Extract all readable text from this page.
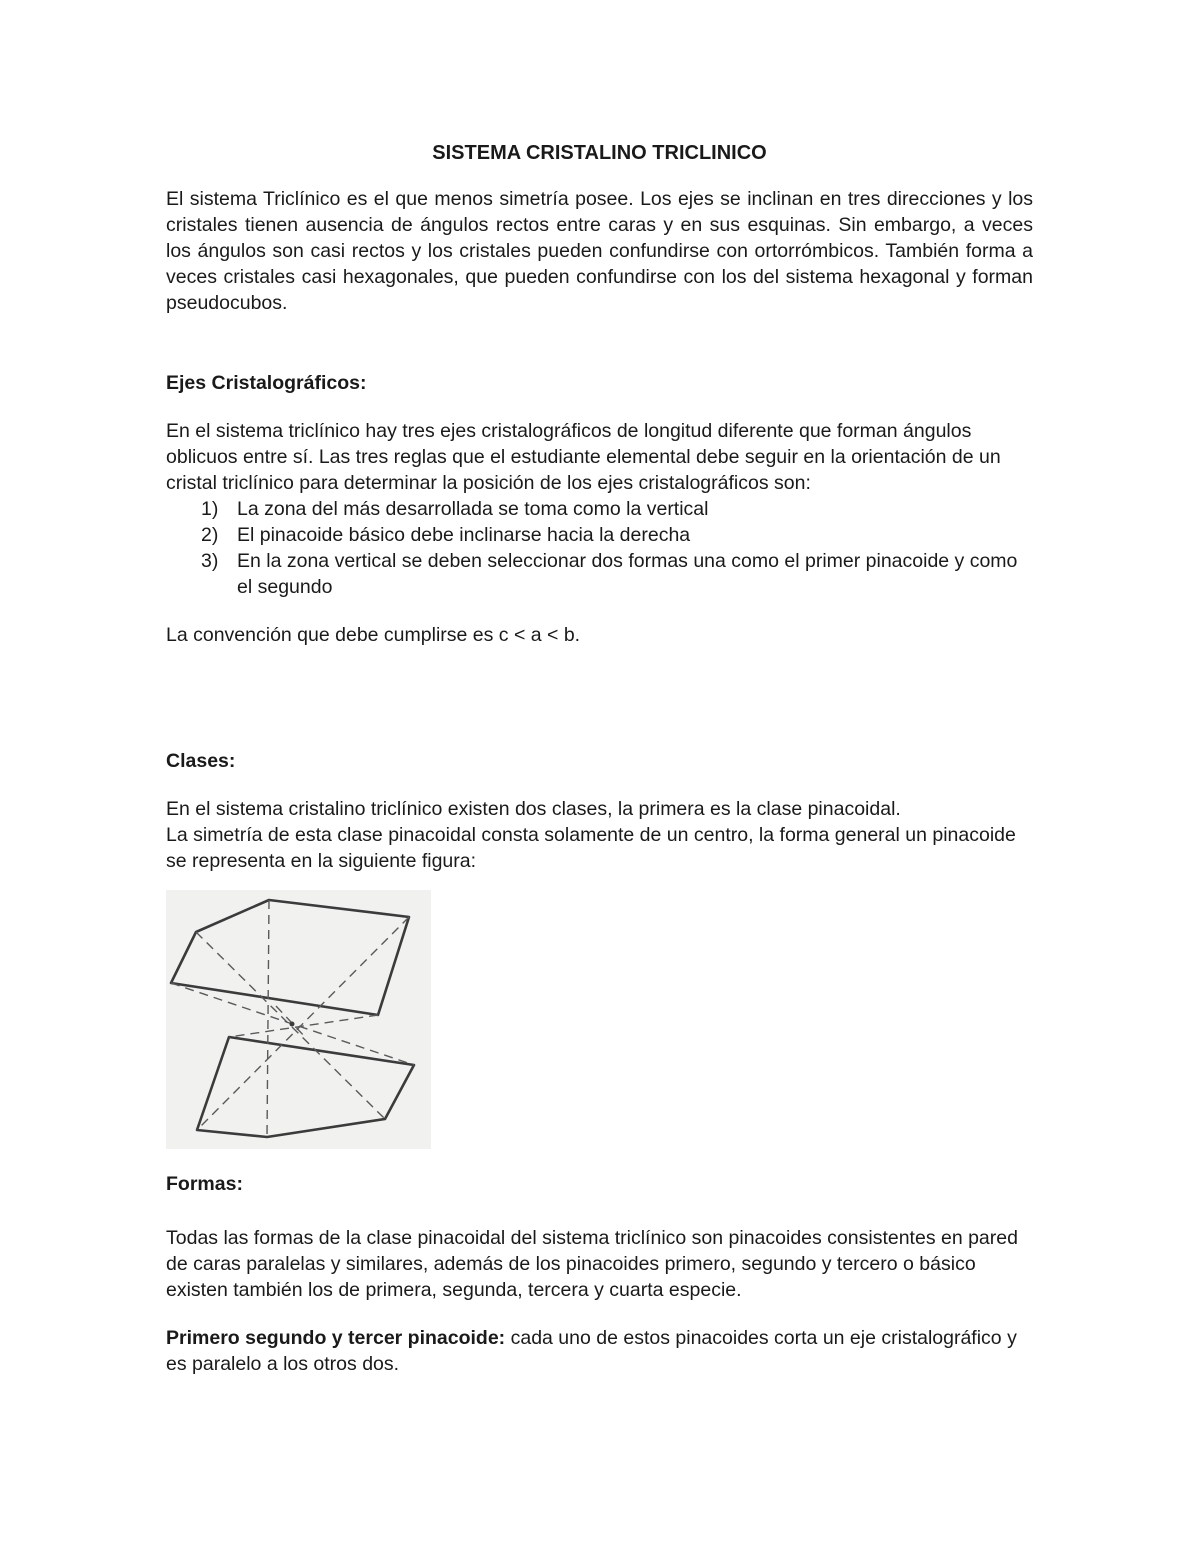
SISTEMA CRISTALINO TRICLINICO

El sistema Triclínico es el que menos simetría posee. Los ejes se inclinan en tres direcciones y los cristales tienen ausencia de ángulos rectos entre caras y en sus esquinas. Sin embargo, a veces los ángulos son casi rectos y los cristales pueden confundirse con ortorrómbicos. También forma a veces cristales casi hexagonales, que pueden confundirse con los del sistema hexagonal y forman pseudocubos.

Ejes Cristalográficos:

En el sistema triclínico hay tres ejes cristalográficos de longitud diferente que forman ángulos oblicuos entre sí. Las tres reglas que el estudiante elemental debe seguir en la orientación de un cristal triclínico para determinar la posición de los ejes cristalográficos son:

1) La zona del más desarrollada se toma como la vertical
2) El pinacoide básico debe inclinarse hacia la derecha
3) En la zona vertical se deben seleccionar dos formas una como el primer pinacoide y como el segundo

La convención que debe cumplirse es c < a < b.

Clases:

En el sistema cristalino triclínico existen dos clases, la primera es la clase pinacoidal.

La simetría de esta clase pinacoidal consta solamente de un centro, la forma general un pinacoide se representa en la siguiente figura:

Formas:

Todas las formas de la clase pinacoidal del sistema triclínico son pinacoides consistentes en pared de caras paralelas y similares, además de los pinacoides primero, segundo y tercero o básico existen también los de primera, segunda, tercera y cuarta especie.

Primero segundo y tercer pinacoide: cada uno de estos pinacoides corta un eje cristalográfico y es paralelo a los otros dos.
